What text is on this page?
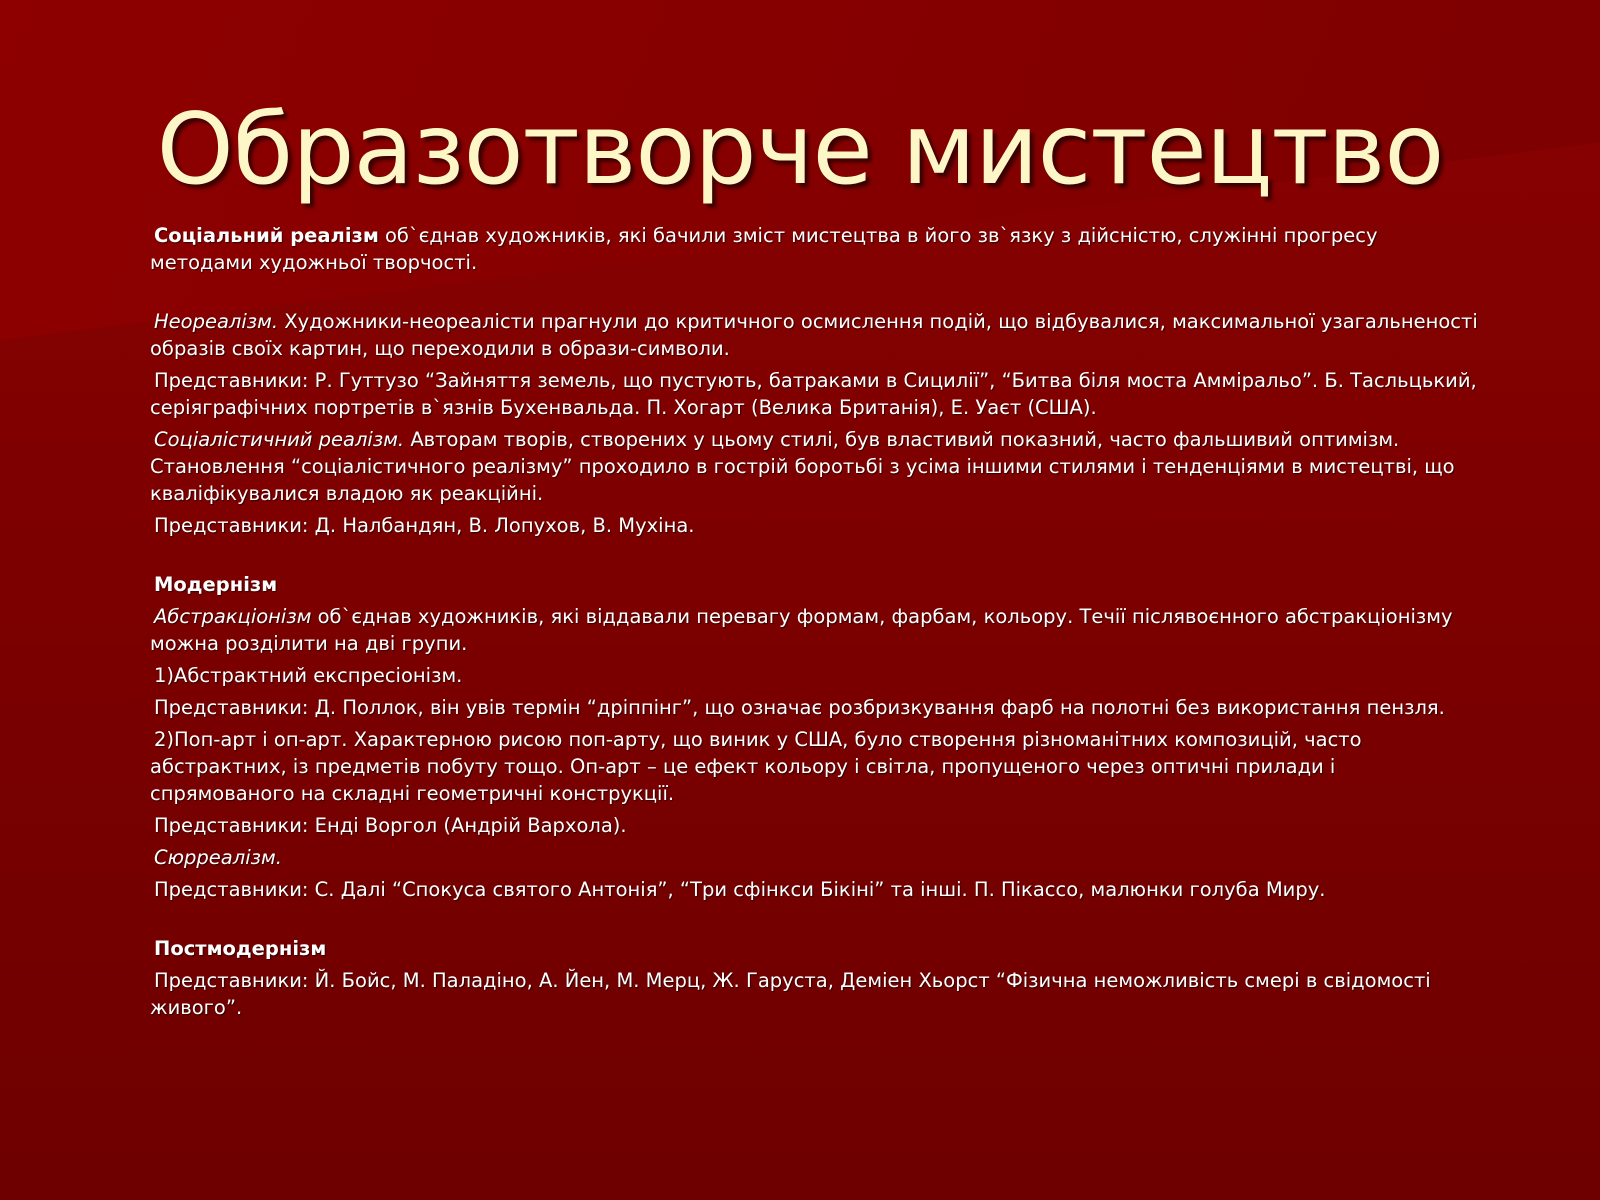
Образотворче мистецтво

Соціальний реалізм об`єднав художників, які бачили зміст мистецтва в його зв`язку з дійсністю, служінні прогресу методами художньої творчості.

Неореалізм. Художники-неореалісти прагнули до критичного осмислення подій, що відбувалися, максимальної узагальненості образів своїх картин, що переходили в образи-символи.

Представники: Р. Гуттузо “Зайняття земель, що пустують, батраками в Сицилії”, “Битва біля моста Амміральо”. Б. Тасльцький, серіяграфічних портретів в`язнів Бухенвальда. П. Хогарт (Велика Британія), Е. Уаєт (США).

Соціалістичний реалізм. Авторам творів, створених у цьому стилі, був властивий показний, часто фальшивий оптимізм. Становлення “соціалістичного реалізму” проходило в гострій боротьбі з усіма іншими стилями і тенденціями в мистецтві, що кваліфікувалися владою як реакційні.

Представники: Д. Налбандян, В. Лопухов, В. Мухіна.

Модернізм

Абстракціонізм об`єднав художників, які віддавали перевагу формам, фарбам, кольору. Течії післявоєнного абстракціонізму можна розділити на дві групи.

1)Абстрактний експресіонізм.

Представники: Д. Поллок, він увів термін “дріппінг”, що означає розбризкування фарб на полотні без використання пензля.

2)Поп-арт і оп-арт. Характерною рисою поп-арту, що виник у США, було створення різноманітних композицій, часто абстрактних, із предметів побуту тощо. Оп-арт – це ефект кольору і світла, пропущеного через оптичні прилади і спрямованого на складні геометричні конструкції.

Представники: Енді Воргол (Андрій Вархола).

Сюрреалізм.

Представники: С. Далі “Спокуса святого Антонія”, “Три сфінкси Бікіні” та інші. П. Пікассо, малюнки голуба Миру.

Постмодернізм

Представники: Й. Бойс, М. Паладіно, А. Йен, М. Мерц, Ж. Гаруста, Деміен Хьорст “Фізична неможливість смері в свідомості живого”.
